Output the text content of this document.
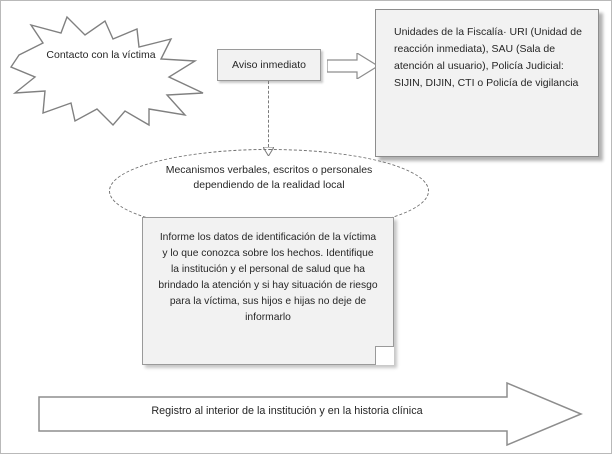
Contacto con la víctima
Aviso inmediato
Unidades de la Fiscalía· URI (Unidad de reacción inmediata), SAU (Sala de atención al usuario), Policía Judicial: SIJIN, DIJIN, CTI o Policía de vigilancia
Mecanismos verbales, escritos o personales dependiendo de la realidad local
Informe los datos de identificación de la víctima y lo que conozca sobre los hechos. Identifique la institución y el personal de salud que ha brindado la atención y si hay situación de riesgo para la víctima, sus hijos e hijas no deje de informarlo
Registro al interior de la institución y en la historia clínica
